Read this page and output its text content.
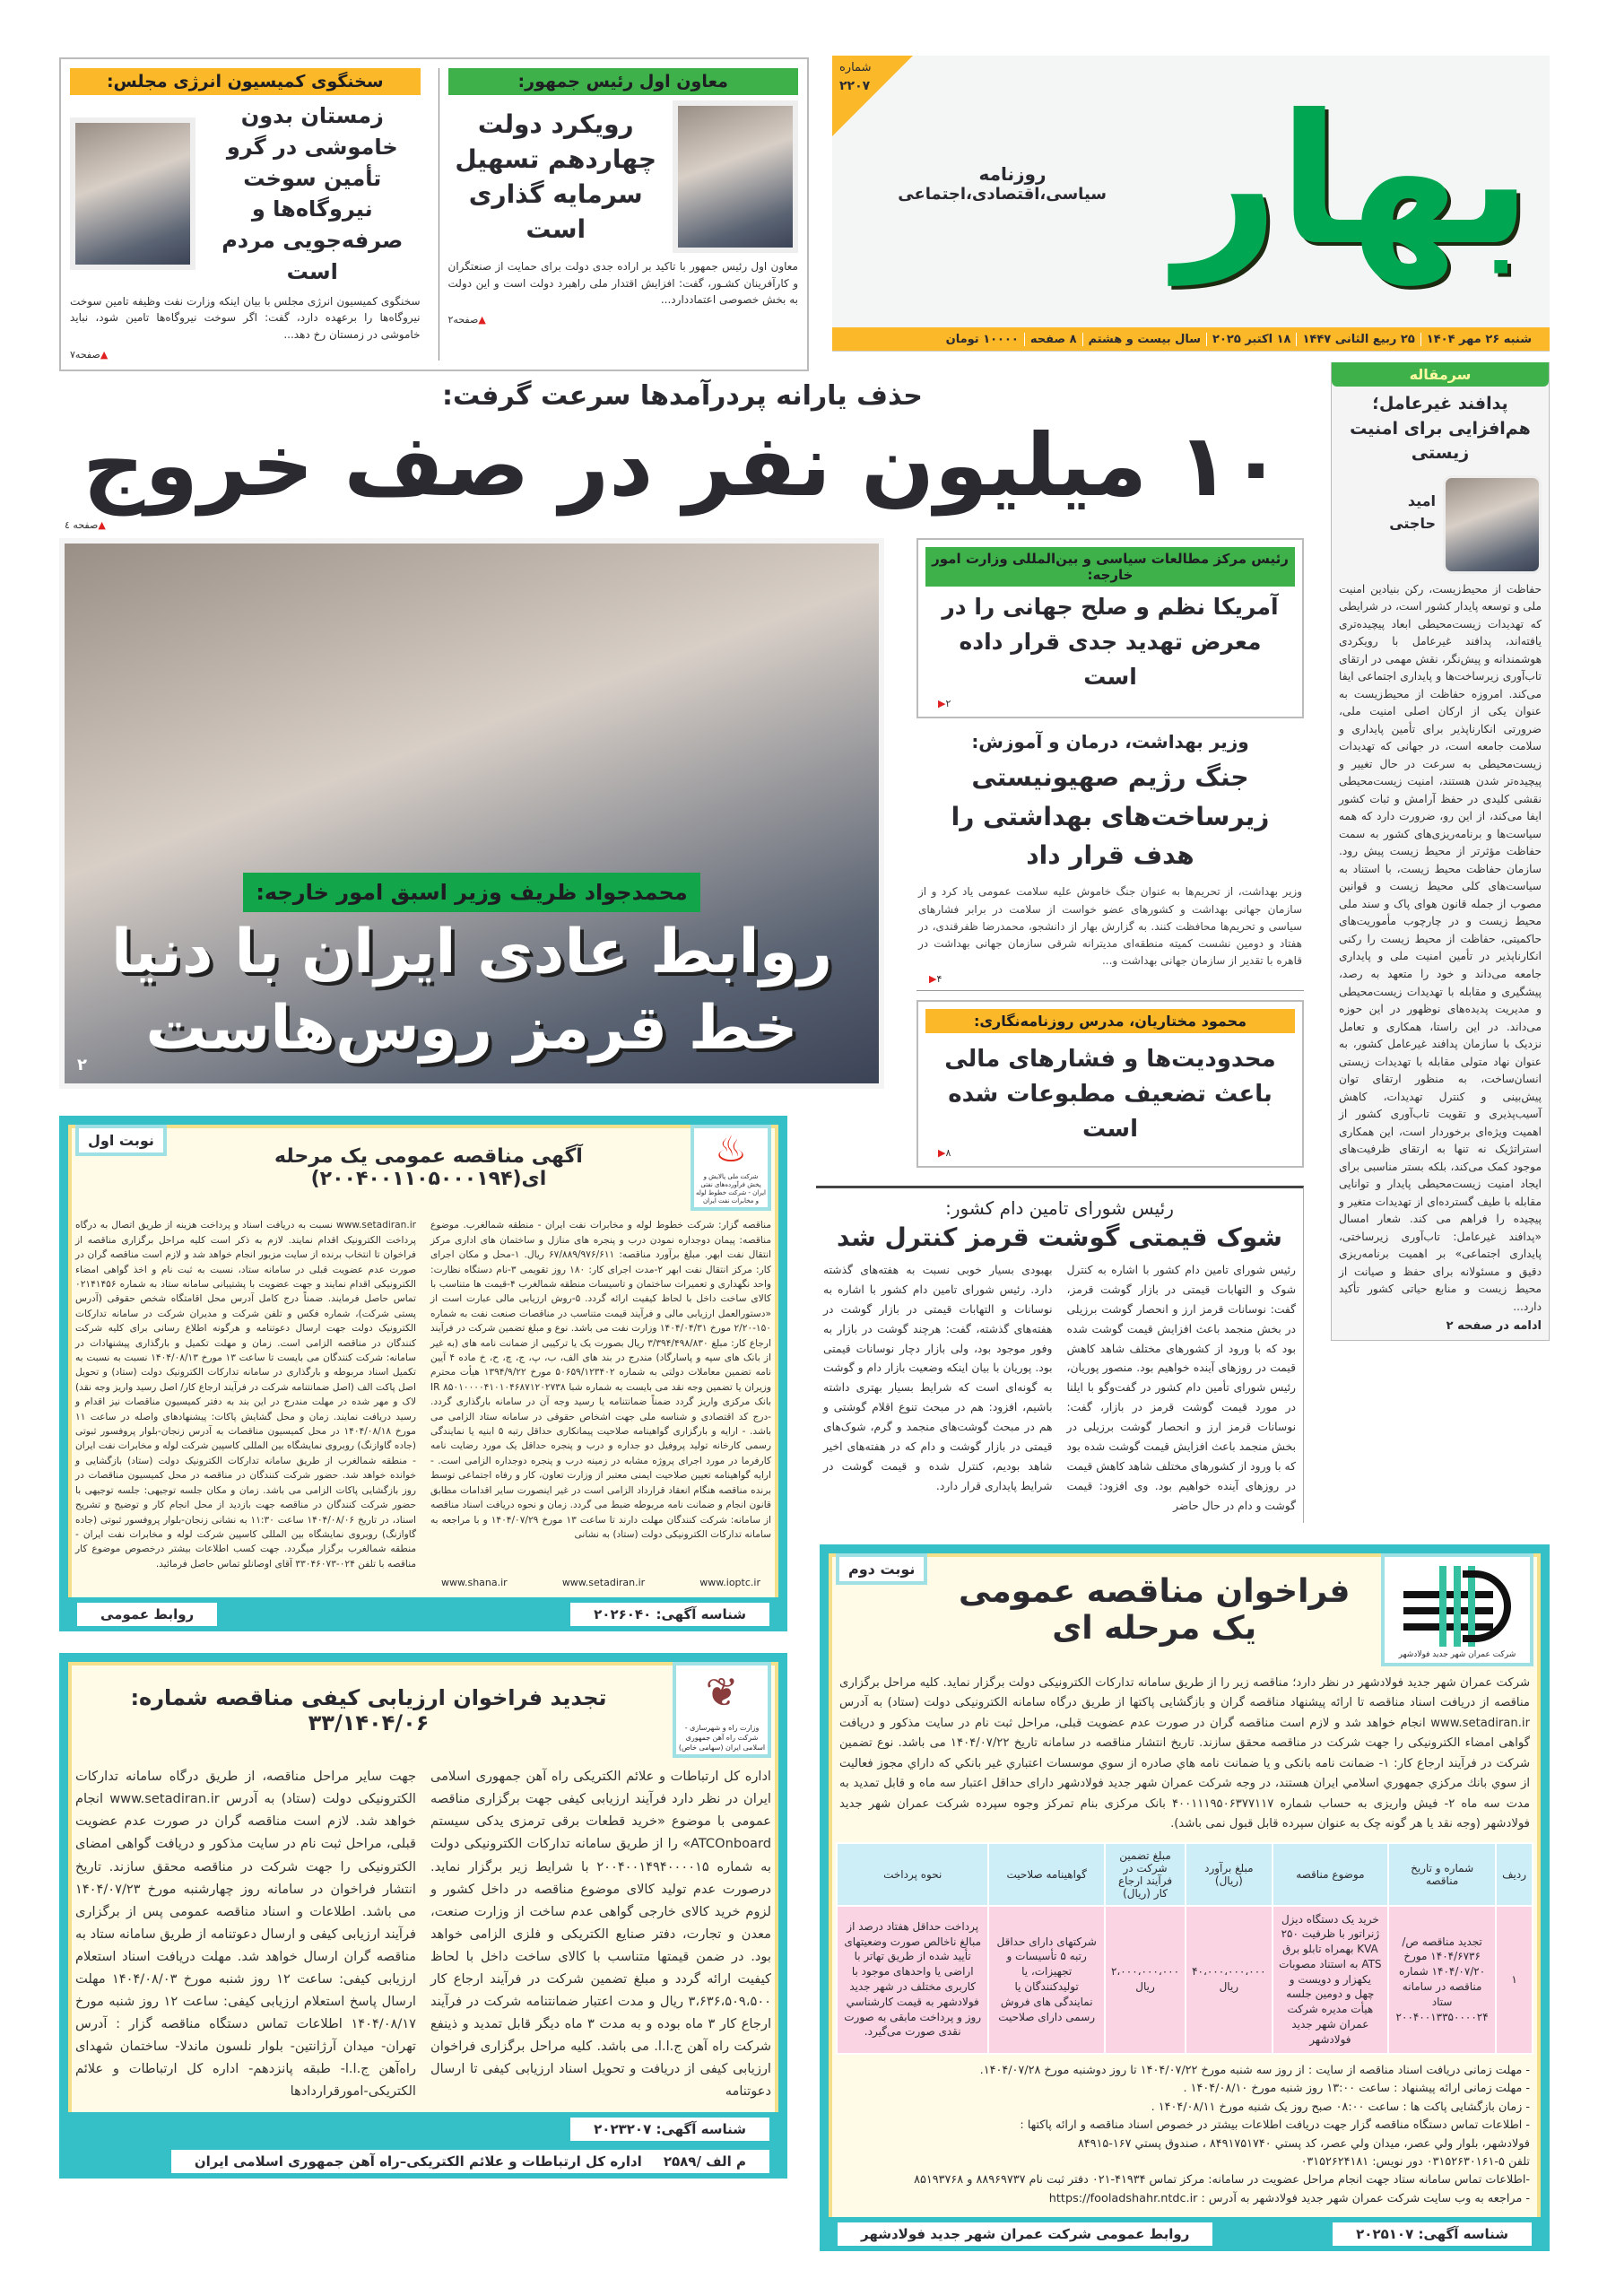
معاون اول رئیس جمهور:
رویکرد دولت چهاردهم تسهیل سرمایه گذاری است
معاون اول رئیس جمهور با تاکید بر اراده جدی دولت برای حمایت از صنعتگران و کارآفرینان کشـور، گفت: افزایش اقتدار ملی راهبرد دولت است و این دولت به بخش خصوصی اعتماددارد...
▲صفحه۲
سخنگوی کمیسیون انرژی مجلس:
زمستان بدون خاموشی در گرو تأمین سوخت نیروگاه‌ها و صرفه‌جویی مردم است
سخنگوی کمیسیون انرژی مجلس با بیان اینکه وزارت نفت وظیفه تامین سوخت نیروگاه‌ها را برعهده دارد، گفت: اگر سوخت نیروگاه‌ها تامین شود، نباید خاموشی در زمستان رخ دهد...
▲صفحه۷
شماره
۲۲۰۷ بهار
روزنامه
سیاسی،اقتصادی،اجتماعی
شنبه ۲۶ مهر ۱۴۰۴
۲۵ ربیع الثانی ۱۴۴۷
۱۸ اکتبر ۲۰۲۵
سال بیست و هشتم
۸ صفحه
۱۰۰۰۰ تومان
حذف یارانه پردرآمدها سرعت گرفت:
۱۰ میلیون نفر در صف خروج
▲صفحه ٤
محمدجواد ظریف وزیر اسبق امور خارجه:
روابط عادی ایران با دنیا
خط قرمز روس‌هاست
۲
رئیس مرکز مطالعات سیاسی و بین‌المللی وزارت امور خارجه:
آمریکا نظم و صلح جهانی را در معرض تهدید جدی قرار داده است
۲▶
وزیر بهداشت، درمان و آموزش:
جنگ رژیم صهیونیستی زیرساخت‌های بهداشتی را هدف قرار داد
وزیر بهداشت، از تحریم‌ها به عنوان جنگ خاموش علیه سلامت عمومی یاد کرد و از سازمان جهانی بهداشت و کشورهای عضو خواست از سلامت در برابر فشارهای سیاسی و تحریم‌ها محافظت کنند. به گزارش بهار از دانشجو، محمدرضا ظفرقندی، در هفتاد و دومین نشست کمیته منطقه‌ای مدیترانه شرقی سازمان جهانی بهداشت در قاهره با تقدیر از سازمان جهانی بهداشت و...
۴▶
محمود مختاریان، مدرس روزنامه‌نگاری:
محدودیت‌ها و فشارهای مالی باعث تضعیف مطبوعات شده است
۸▶
رئیس شورای تامین دام کشور:
شوک قیمتی گوشت قرمز کنترل شد
رئیس شورای تامین دام کشور با اشاره به کنترل شوک و التهابات قیمتی در بازار گوشت قرمز، گفت: نوسانات قرمز ارز و انحصار گوشت برزیلی در بخش منجمد باعث افزایش قیمت گوشت شده بود که با ورود از کشورهای مختلف شاهد کاهش قیمت در روزهای آینده خواهیم بود. منصور پوریان، رئیس شورای تأمین دام کشور در گفت‌وگو با ایلنا در مورد قیمت گوشت قرمز در بازار، گفت: نوسانات قرمز ارز و انحصار گوشت برزیلی در بخش منجمد باعث افزایش قیمت گوشت شده بود که با ورود از کشورهای مختلف شاهد کاهش قیمت در روزهای آینده خواهیم بود. وی افزود: قیمت گوشت و دام در حال حاضر
بهبودی بسیار خوبی نسبت به هفته‌های گذشته دارد. رئیس شورای تامین دام کشور با اشاره به نوسانات و التهابات قیمتی در بازار گوشت در هفته‌های گذشته، گفت: هرچند گوشت در بازار به وفور موجود بود، ولی بازار دچار نوسانات قیمتی بود. پوریان با بیان اینکه وضعیت بازار دام و گوشت به گونه‌ای است که شرایط بسیار بهتری داشته باشیم، افزود: هم در مبحث تنوع اقلام گوشتی و هم در مبحث گوشت‌های منجمد و گرم، شوک‌های قیمتی در بازار گوشت و دام که در هفته‌های اخیر شاهد بودیم، کنترل شده و قیمت گوشت در شرایط پایداری قرار دارد.
سرمقاله
پدافند غیرعامل؛ هم‌افزایی برای امنیت زیستی
امید
حاجتی
حفاظت از محیط‌زیست، رکن بنیادین امنیت ملی و توسعه پایدار کشور است، در شرایطی که تهدیدات زیست‌محیطی ابعاد پیچیده‌تری یافته‌اند، پدافند غیرعامل با رویکردی هوشمندانه و پیش‌نگر، نقش مهمی در ارتقای تاب‌آوری زیرساخت‌ها و پایداری اجتماعی ایفا می‌کند. امروزه حفاظت از محیط‌زیست به عنوان یکی از ارکان اصلی امنیت ملی، ضرورتی انکارناپذیر برای تأمین پایداری و سلامت جامعه است، در جهانی که تهدیدات زیست‌محیطی به سرعت در حال تغییر و پیچیده‌تر شدن هستند، امنیت زیست‌محیطی نقشی کلیدی در حفظ آرامش و ثبات کشور ایفا می‌کند، از این رو، ضرورت دارد که همه سیاست‌ها و برنامه‌ریزی‌های کشور به سمت حفاظت مؤثرتر از محیط زیست پیش رود. سازمان حفاظت محیط زیست، با استناد به سیاست‌های کلی محیط زیست و قوانین مصوب از جمله قانون هوای پاک و سند ملی محیط زیست و در چارچوب مأموریت‌های حاکمیتی، حفاظت از محیط زیست را رکنی انکارناپذیر در تأمین امنیت ملی و پایداری جامعه می‌داند و خود را متعهد به رصد، پیشگیری و مقابله با تهدیدات زیست‌محیطی و مدیریت پدیده‌های نوظهور در این حوزه می‌داند. در این راستا، همکاری و تعامل نزدیک با سازمان پدافند غیرعامل کشور، به عنوان نهاد متولی مقابله با تهدیدات زیستی انسان‌ساخت، به منظور ارتقای توان پیش‌بینی و کنترل تهدیدات، کاهش آسیب‌پذیری و تقویت تاب‌آوری کشور از اهمیت ویژه‌ای برخوردار است، این همکاری استراتژیک نه تنها به ارتقای ظرفیت‌های موجود کمک می‌کند، بلکه بستر مناسبی برای ایجاد امنیت زیست‌محیطی پایدار و توانایی مقابله با طیف گسترده‌ای از تهدیدات متغیر و پیچیده را فراهم می کند. شعار امسال «پدافند غیرعامل: تاب‌آوری زیرساختی، پایداری اجتماعی» بر اهمیت برنامه‌ریزی دقیق و مسئولانه برای حفظ و صیانت از محیط زیست و منابع حیاتی کشور تأکید دارد...
ادامه در صفحه ۲
♨
شرکت ملی پالایش و پخش فرآورده‌های نفتی ایران - شرکت خطوط لوله و مخابرات نفت ایران
آگهی مناقصه عمومی یک مرحله ای(۲۰۰۴۰۰۱۱۰۵۰۰۰۱۹۴)
نوبت اول
مناقصه گزار: شرکت خطوط لوله و مخابرات نفت ایران - منطقه شمالغرب. موضوع مناقصه: پیمان دوجداره نمودن درب و پنجره های منازل و ساختمان های اداری مرکز انتقال نفت ابهر. مبلغ برآورد مناقصه: ۶۷/۸۸۹/۹۷۶/۶۱۱ ریال. ۱-محل و مکان اجرای کار: مرکز انتقال نفت ابهر ۲-مدت اجرای کار: ۱۸۰ روز تقویمی ۳-نام دستگاه نظارت: واحد نگهداری و تعمیرات ساختمان و تاسیسات منطقه شمالغرب ۴-قیمت ها متناسب با کالای ساخت داخل با لحاظ کیفیت ارائه گردد. ۵-روش ارزیابی مالی عبارت است از «دستورالعمل ارزیابی مالی و فرآیند قیمت متناسب در مناقصات صنعت نفت به شماره ۱۵۰-۲/۲۰ مورخ ۱۴۰۴/۰۴/۳۱ وزارت نفت می باشد. نوع و مبلغ تضمین شرکت در فرآیند ارجاع کار: مبلغ ۳/۳۹۴/۴۹۸/۸۳۰ ریال بصورت یک یا ترکیبی از ضمانت نامه های (به غیر از بانک های سپه و پاسارگاد) مندرج در بند های الف، ب، پ، ج، چ، ح، خ ماده ۴ آیین نامه تضمین معاملات دولتی به شماره ۵۰۶۵۹/۱۲۳۴۰۲ مورخ ۱۳۹۴/۹/۲۲ هیأت محترم وزیران یا تضمین وجه نقد می بایست به شماره شبا IR ۸۵۰۱۰۰۰۰۴۱۰۱۰۴۶۸۷۱۲۰۲۷۳۸ بانک مرکزی واریز گردد ضمناً ضمانتنامه یا رسید وجه آن در سامانه بارگذاری گردد. -درج کد اقتصادی و شناسه ملی جهت اشخاص حقوقی در سامانه ستاد الزامی می باشد. - ارایه و بارگزاری گواهینامه صلاحیت پیمانکاری حداقل رتبه ۵ ابنیه یا نمایندگی رسمی کارخانه تولید پروفیل دو جداره و درب و پنجره حداقل یک مورد رضایت نامه کارفرما در مورد اجرای پروژه مشابه در زمینه درب و پنجره دوجداره الزامی است. - ارایه گواهینامه تعیین صلاحیت ایمنی معتبر از وزارت تعاون، کار و رفاه اجتماعی توسط برنده مناقصه هنگام انعقاد قرارداد الزامی است در غیر اینصورت سایر اقدامات مطابق قانون انجام و ضمانت نامه مربوطه ضبط می گردد. زمان و نحوه دریافت اسناد مناقصه از سامانه: شرکت کنندگان مهلت دارند تا ساعت ۱۳ مورخ ۱۴۰۴/۰۷/۲۹ و با مراجعه به سامانه تدارکات الکترونیکی دولت (ستاد) به نشانی
www.setadiran.ir نسبت به دریافت اسناد و پرداخت هزینه از طریق اتصال به درگاه پرداخت الکترونیک اقدام نمایند. لازم به ذکر است کلیه مراحل برگزاری مناقصه از فراخوان تا انتخاب برنده از سایت مزبور انجام خواهد شد و لازم است مناقصه گران در صورت عدم عضویت قبلی در سامانه ستاد، نسبت به ثبت نام و اخذ گواهی امضاء الکترونیکی اقدام نمایند و جهت عضویت با پشتیبانی سامانه ستاد به شماره ۰۲۱۴۱۴۵۶ تماس حاصل فرمایند. ضمناً درج کامل آدرس محل اقامتگاه شخص حقوقی (آدرس پستی شرکت)، شماره فکس و تلفن شرکت و مدیران شرکت در سامانه تدارکات الکترونیک دولت جهت ارسال دعوتنامه و هرگونه اطلاع رسانی برای کلیه شرکت کنندگان در مناقصه الزامی است. زمان و مهلت تکمیل و بارگذاری پیشنهادات در سامانه: شرکت کنندگان می بایست تا ساعت ۱۳ مورخ ۱۴۰۴/۰۸/۱۳ نسبت به نسبت به تکمیل اسناد مربوطه و بارگذاری در سامانه تدارکات الکترونیک دولت (ستاد) و تحویل اصل پاکت الف (اصل ضمانتنامه شرکت در فرآیند ارجاع کار/ اصل رسید واریز وجه نقد) لاک و مهر شده در مهلت مندرج در این بند به دفتر کمیسیون مناقصات نیز اقدام و رسید دریافت نمایند. زمان و محل گشایش پاکات: پیشنهادهای واصله در ساعت ۱۱ مورخ ۱۴۰۴/۰۸/۱۸ در محل کمیسیون مناقصات به آدرس زنجان-بلوار پروفسور ثبوتی (جاده گاوازنگ) روبروی نمایشگاه بین المللی کاسپین شرکت لوله و مخابرات نفت ایران - منطقه شمالغرب از طریق سامانه تدارکات الکترونیک دولت (ستاد) بازگشایی و خوانده خواهد شد. حضور شرکت کنندگان در مناقصه در محل کمیسیون مناقصات در روز بازگشایی پاکات الزامی می باشد. زمان و مکان جلسه توجیهی: جلسه توجیهی با حضور شرکت کنندگان در مناقصه جهت بازدید از محل انجام کار و توضیح و تشریح اسناد، در تاریخ ۱۴۰۴/۰۸/۰۶ ساعت ۱۱:۳۰ به نشانی زنجان-بلوار پروفسور ثبوتی (جاده گاوازنگ) روبروی نمایشگاه بین المللی کاسپین شرکت لوله و مخابرات نفت ایران - منطقه شمالغرب برگزار میگردد. جهت کسب اطلاعات بیشتر درخصوص موضوع کار مناقصه با تلفن ۰۲۴-۳۳۰۴۶۰۷۳ آقای اوصانلو تماس حاصل فرمائید.
www.shana.ir	www.setadiran.ir	www.ioptc.ir
شناسه آگهی: ۲۰۲۶۰۴۰
روابط عمومی
❦
وزارت راه و شهرسازی - شرکت راه آهن جمهوری اسلامی ایران (سهامی خاص)
تجدید فراخوان ارزیابی کیفی مناقصه شماره: ۳۳/۱۴۰۴/۰۶
اداره کل ارتباطات و علائم الکتریکی راه آهن جمهوری اسلامی ایران در نظر دارد فرآیند ارزیابی کیفی جهت برگزاری مناقصه عمومی با موضوع «خرید قطعات برقی ترمزی یدکی سیستم ATCOnboard» را از طریق سامانه تدارکات الکترونیکی دولت به شماره ۲۰۰۴۰۰۱۴۹۴۰۰۰۰۱۵ با شرایط زیر برگزار نماید. درصورت عدم تولید کالای موضوع مناقصه در داخل کشور و لزوم خرید کالای خارجی گواهی عدم ساخت از وزارت صنعت، معدن و تجارت، دفتر صنایع الکتریکی و فلزی الزامی خواهد بود. در ضمن قیمتها متناسب با کالای ساخت داخل با لحاظ کیفیت ارائه گردد و مبلغ تضمین شرکت در فرآیند ارجاع کار ۳،۶۳۶،۵۰۹،۵۰۰ ریال و مدت اعتبار ضمانتنامه شرکت در فرآیند ارجاع کار ۳ ماه بوده و به مدت ۳ ماه دیگر قابل تمدید و ذینفع شرکت راه آهن ج.ا.ا. می باشد. کلیه مراحل برگزاری فراخوان ارزیابی کیفی از دریافت و تحویل اسناد ارزیابی کیفی تا ارسال دعوتنامه
جهت سایر مراحل مناقصه، از طریق درگاه سامانه تدارکات الکترونیکی دولت (ستاد) به آدرس www.setadiran.ir انجام خواهد شد. لازم است مناقصه گران در صورت عدم عضویت قبلی، مراحل ثبت نام در سایت مذکور و دریافت گواهی امضای الکترونیکی را جهت شرکت در مناقصه محقق سازند. تاریخ انتشار فراخوان در سامانه روز چهارشنبه مورخ ۱۴۰۴/۰۷/۲۳ می باشد. اطلاعات و اسناد مناقصه عمومی پس از برگزاری فرآیند ارزیابی کیفی و ارسال دعوتنامه از طریق سامانه ستاد به مناقصه گران ارسال خواهد شد. مهلت دریافت اسناد استعلام ارزیابی کیفی: ساعت ۱۲ روز شنبه مورخ ۱۴۰۴/۰۸/۰۳ مهلت ارسال پاسخ استعلام ارزیابی کیفی: ساعت ۱۲ روز شنبه مورخ ۱۴۰۴/۰۸/۱۷ اطلاعات تماس دستگاه مناقصه گزار : آدرس تهران- میدان آرژانتین- بلوار نلسون ماندلا- ساختمان شهدای راه‌آهن ج.ا.ا- طبقه پانزدهم- اداره کل ارتباطات و علائم الکتریکی-امورقراردادها
شناسه آگهی: ۲۰۲۳۲۰۷
م الف /۲۵۸۹
اداره کل ارتباطات و علائم الکتریکی–راه آهن جمهوری اسلامی ایران
شرکت عمران شهر جدید فولادشهر
فراخوان مناقصه عمومی یک مرحله ای
نوبت دوم
شرکت عمران شهر جدید فولادشهر در نظر دارد؛ مناقصه زیر را از طریق سامانه تدارکات الکترونیکی دولت برگزار نماید. کلیه مراحل برگزاری مناقصه از دریافت اسناد مناقصه تا ارائه پیشنهاد مناقصه گران و بازگشایی پاکتها از طریق درگاه سامانه الکترونیکی دولت (ستاد) به آدرس www.setadiran.ir انجام خواهد شد و لازم است مناقصه گران در صورت عدم عضویت قبلی، مراحل ثبت نام در سایت مذکور و دریافت گواهی امضاء الکترونیکی را جهت شرکت در مناقصه محقق سازند. تاریخ انتشار مناقصه در سامانه تاریخ ۱۴۰۴/۰۷/۲۲ می باشد. نوع تضمین شرکت در فرآیند ارجاع کار: ۱- ضمانت نامه بانکی و یا ضمانت نامه هاي صادره از سوي موسسات اعتباري غير بانكي كه داراي مجوز فعاليت از سوي بانك مركزي جمهوري اسلامي ايران هستند، در وجه شرکت عمران شهر جدید فولادشهر دارای حداقل اعتبار سه ماه و قابل تمدید به مدت سه ماه ۲- فیش واریزی به حساب شماره ۴۰۰۱۱۱۹۵۰۶۳۷۷۱۱۷ بانک مرکزی بنام تمرکز وجوه سپرده شرکت عمران شهر جدید فولادشهر (وجه نقد یا هر گونه چک به عنوان سپرده قابل قبول نمی باشد).
ردیف	شماره و تاریخ مناقصه	موضوع مناقصه	مبلغ برآورد (ریال)	مبلغ تضمین شرکت در فرآیند ارجاع کار (ریال)	گواهینامه صلاحیت	نحوه پرداخت
۱	تجدید مناقصه ص/۱۴۰۴/۶۷۳۶ مورخ ۱۴۰۴/۰۷/۲۰ شماره مناقصه در سامانه ستاد ۲۰۰۴۰۰۱۳۳۵۰۰۰۰۲۴	خرید یک دستگاه دیزل ژنراتور با ظرفیت ۲۵۰ KVA بهمراه تابلو برق ATS به استناد مصوبات یکهزار و دویست و چهل و دومین جلسه هیأت مدیره شرکت عمران شهر جدید فولادشهر	۴۰،۰۰۰،۰۰۰،۰۰۰ ریال	۲،۰۰۰،۰۰۰،۰۰۰ ریال	شرکتهای دارای حداقل رتبه ۵ تأسیسات و تجهیزات، یا تولیدکنندگان یا نمایندگی های فروش رسمی دارای صلاحیت	پرداخت حداقل هفتاد درصد از مبالغ ناخالص صورت وضعیتهای تأیید شده از طریق تهاتر با اراضی یا واحدهای موجود با کاربری مختلف در شهر جدید فولادشهر به قیمت کارشناسي روز و پرداخت مابقی به صورت نقدی صورت می‌گیرد.
- مهلت زمانی دریافت اسناد مناقصه از سایت : از روز سه شنبه مورخ ۱۴۰۴/۰۷/۲۲ تا روز دوشنبه مورخ ۱۴۰۴/۰۷/۲۸.
- مهلت زمانی ارائه پیشنهاد : ساعت ۱۳:۰۰ روز شنبه مورخ ۱۴۰۴/۰۸/۱۰ .
- زمان بازگشایی پاکت ها : ساعت ۰۸:۰۰ صبح روز یک شنبه مورخ ۱۴۰۴/۰۸/۱۱ .
- اطلاعات تماس دستگاه مناقصه گزار جهت دریافت اطلاعات بیشتر در خصوص اسناد مناقصه و ارائه پاکتها :
فولادشهر، بلوار ولي عصر، میدان ولي عصر، کد پستي ۸۴۹۱۷۵۱۷۴۰ ، صندوق پستي ۱۶۷-۸۴۹۱۵
تلفن ۵-۰۳۱۵۲۶۳۰۱۶۱ دور نویس: ۰۳۱۵۲۶۲۴۱۸۱
-اطلاعات تماس سامانه ستاد جهت انجام مراحل عضویت در سامانه: مرکز تماس ۴۱۹۳۴-۰۲۱ دفتر ثبت نام ۸۸۹۶۹۷۳۷ و ۸۵۱۹۳۷۶۸
- مراجعه به وب سایت شرکت عمران شهر جدید فولادشهر به آدرس : https://fooladshahr.ntdc.ir
شناسه آگهی: ۲۰۲۵۱۰۷
روابط عمومی شرکت عمران شهر جدید فولادشهر
